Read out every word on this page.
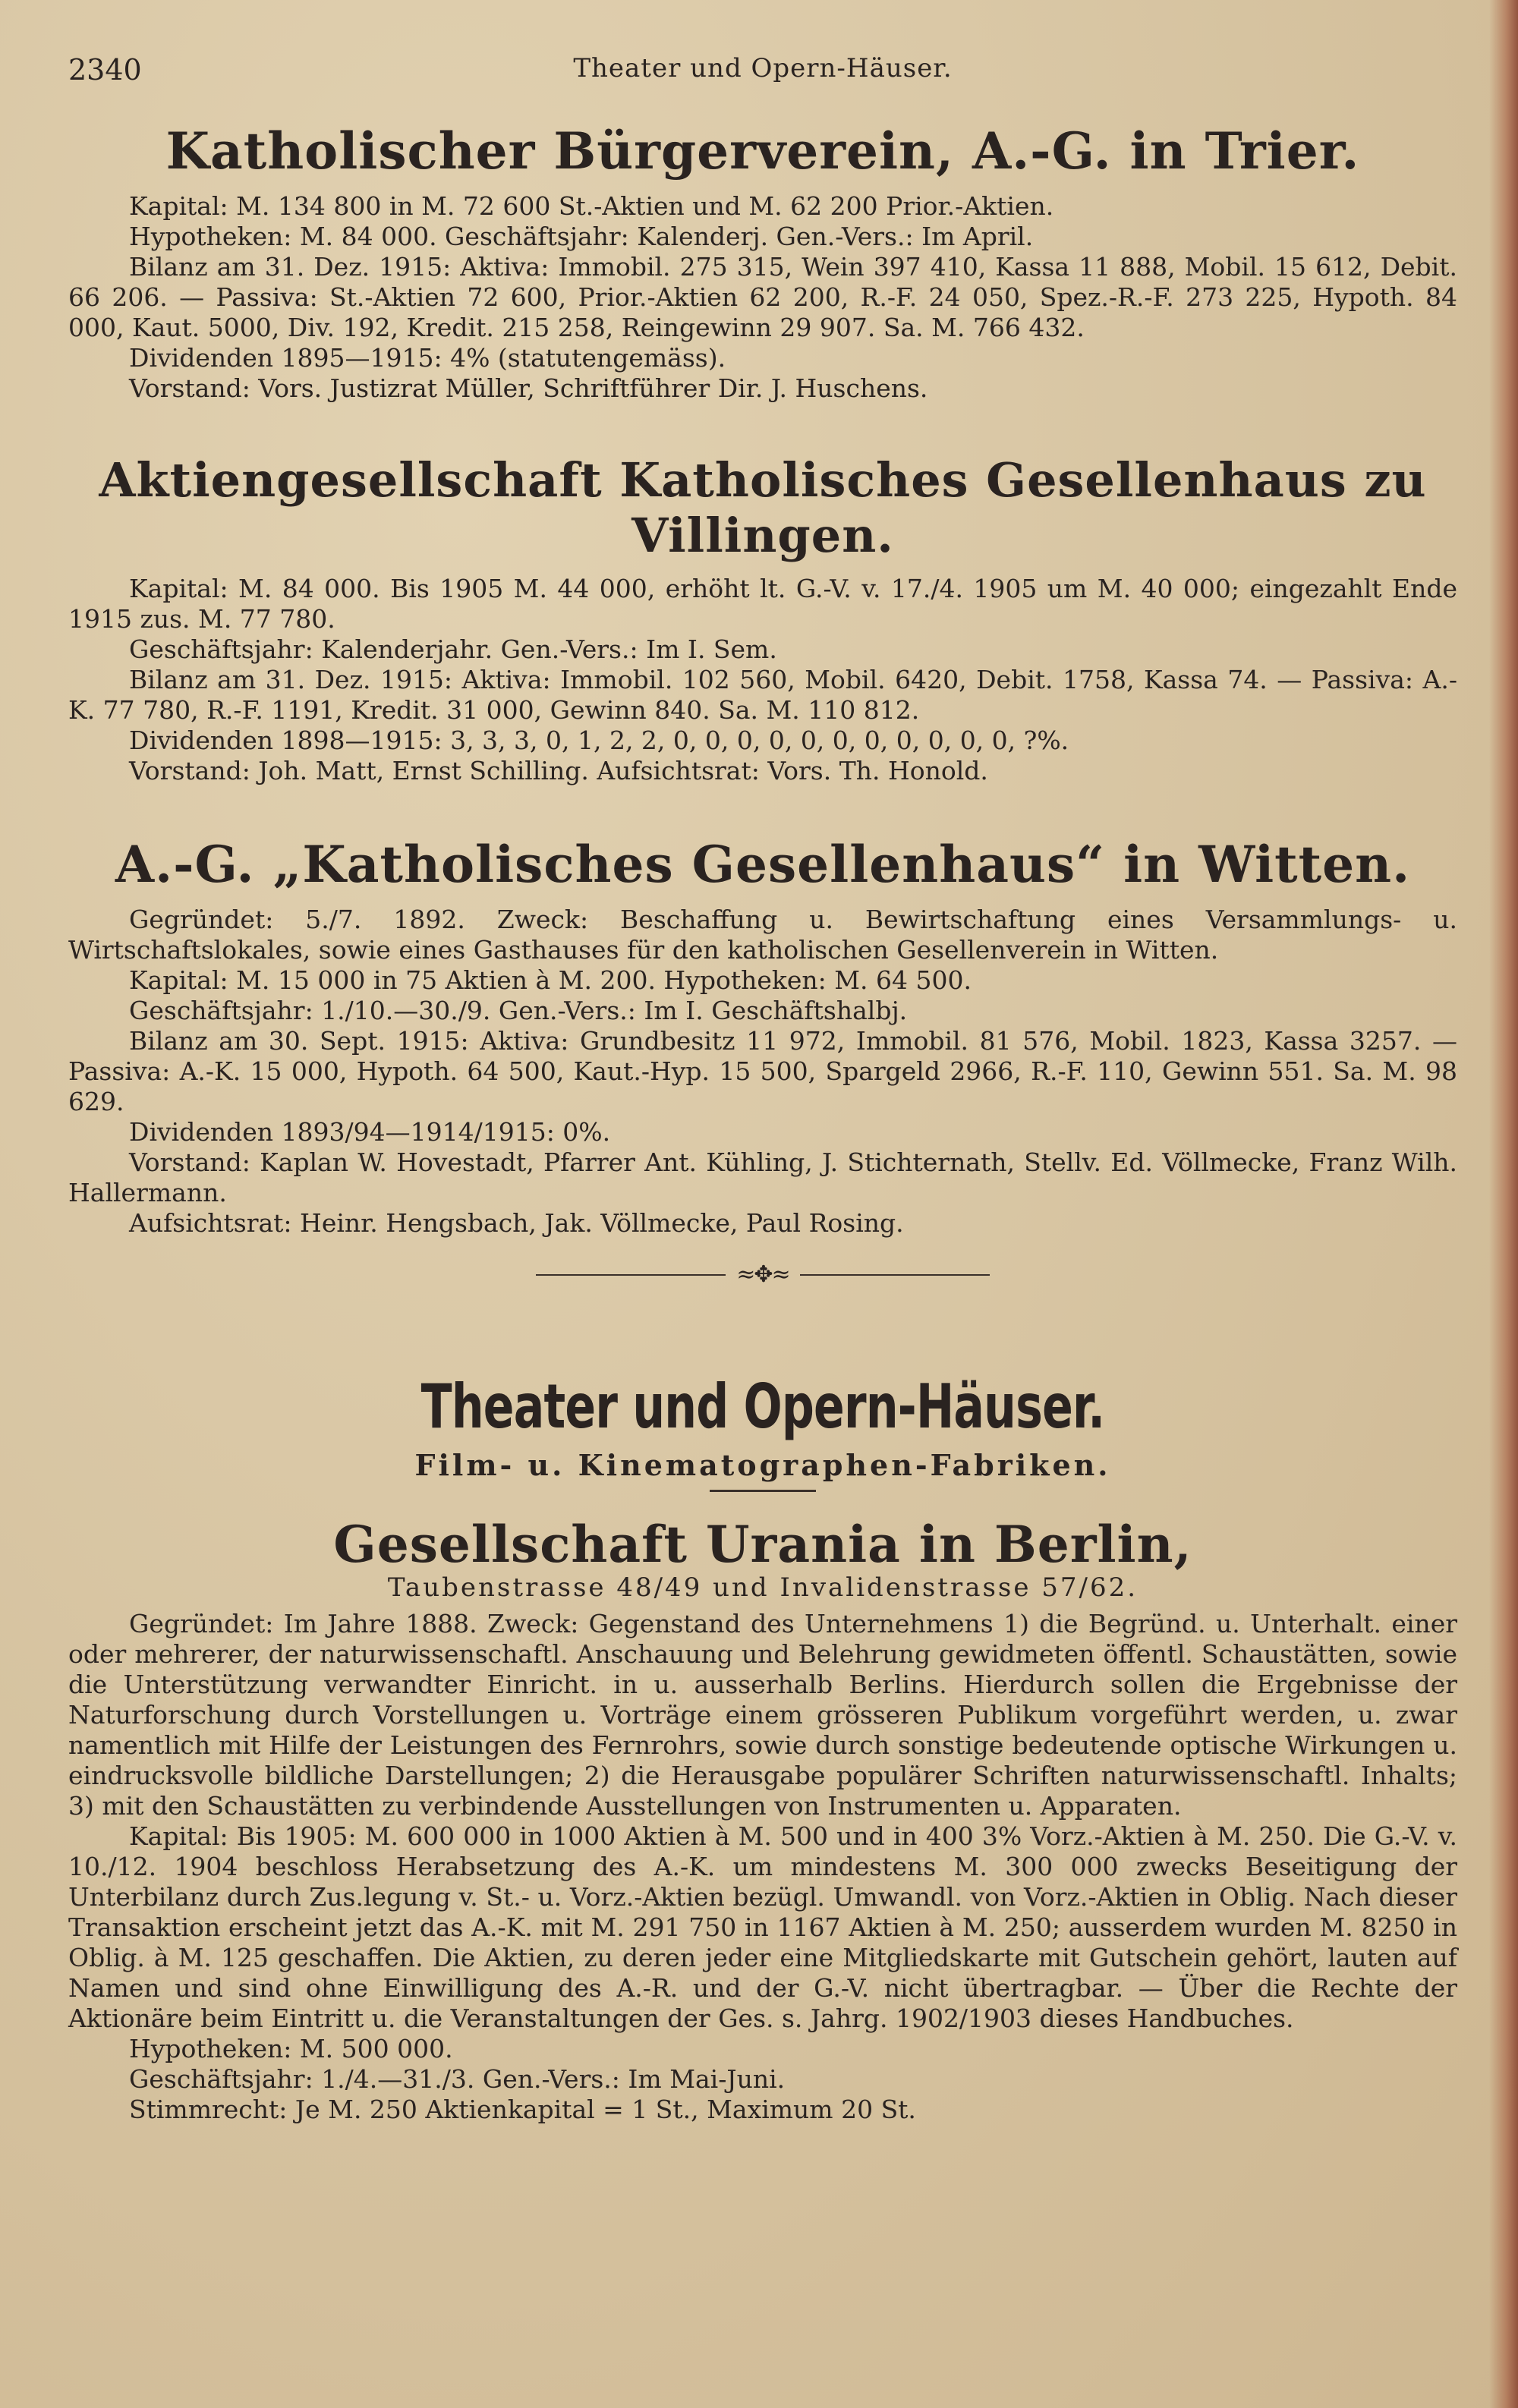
2340	Theater und Opern-Häuser.
Katholischer Bürgerverein, A.-G. in Trier.

Kapital: M. 134 800 in M. 72 600 St.-Aktien und M. 62 200 Prior.-Aktien.

Hypotheken: M. 84 000. Geschäftsjahr: Kalenderj. Gen.-Vers.: Im April.

Bilanz am 31. Dez. 1915: Aktiva: Immobil. 275 315, Wein 397 410, Kassa 11 888, Mobil. 15 612, Debit. 66 206. — Passiva: St.-Aktien 72 600, Prior.-Aktien 62 200, R.-F. 24 050, Spez.-R.-F. 273 225, Hypoth. 84 000, Kaut. 5000, Div. 192, Kredit. 215 258, Reingewinn 29 907. Sa. M. 766 432.

Dividenden 1895—1915: 4% (statutengemäss).

Vorstand: Vors. Justizrat Müller, Schriftführer Dir. J. Huschens.

Aktiengesellschaft Katholisches Gesellenhaus zu Villingen.

Kapital: M. 84 000. Bis 1905 M. 44 000, erhöht lt. G.-V. v. 17./4. 1905 um M. 40 000; eingezahlt Ende 1915 zus. M. 77 780.

Geschäftsjahr: Kalenderjahr. Gen.-Vers.: Im I. Sem.

Bilanz am 31. Dez. 1915: Aktiva: Immobil. 102 560, Mobil. 6420, Debit. 1758, Kassa 74. — Passiva: A.-K. 77 780, R.-F. 1191, Kredit. 31 000, Gewinn 840. Sa. M. 110 812.

Dividenden 1898—1915: 3, 3, 3, 0, 1, 2, 2, 0, 0, 0, 0, 0, 0, 0, 0, 0, 0, 0, ?%.

Vorstand: Joh. Matt, Ernst Schilling. Aufsichtsrat: Vors. Th. Honold.

A.-G. „Katholisches Gesellenhaus“ in Witten.

Gegründet: 5./7. 1892. Zweck: Beschaffung u. Bewirtschaftung eines Versammlungs- u. Wirtschaftslokales, sowie eines Gasthauses für den katholischen Gesellenverein in Witten.

Kapital: M. 15 000 in 75 Aktien à M. 200. Hypotheken: M. 64 500.

Geschäftsjahr: 1./10.—30./9. Gen.-Vers.: Im I. Geschäftshalbj.

Bilanz am 30. Sept. 1915: Aktiva: Grundbesitz 11 972, Immobil. 81 576, Mobil. 1823, Kassa 3257. — Passiva: A.-K. 15 000, Hypoth. 64 500, Kaut.-Hyp. 15 500, Spargeld 2966, R.-F. 110, Gewinn 551. Sa. M. 98 629.

Dividenden 1893/94—1914/1915: 0%.

Vorstand: Kaplan W. Hovestadt, Pfarrer Ant. Kühling, J. Stichternath, Stellv. Ed. Völlmecke, Franz Wilh. Hallermann.

Aufsichtsrat: Heinr. Hengsbach, Jak. Völlmecke, Paul Rosing.

≈✥≈
Theater und Opern-Häuser.
Film- u. Kinematographen-Fabriken.
Gesellschaft Urania in Berlin,
Taubenstrasse 48/49 und Invalidenstrasse 57/62.

Gegründet: Im Jahre 1888. Zweck: Gegenstand des Unternehmens 1) die Begründ. u. Unterhalt. einer oder mehrerer, der naturwissenschaftl. Anschauung und Belehrung gewidmeten öffentl. Schaustätten, sowie die Unterstützung verwandter Einricht. in u. ausserhalb Berlins. Hierdurch sollen die Ergebnisse der Naturforschung durch Vorstellungen u. Vorträge einem grösseren Publikum vorgeführt werden, u. zwar namentlich mit Hilfe der Leistungen des Fernrohrs, sowie durch sonstige bedeutende optische Wirkungen u. eindrucksvolle bildliche Darstellungen; 2) die Herausgabe populärer Schriften naturwissenschaftl. Inhalts; 3) mit den Schaustätten zu verbindende Ausstellungen von Instrumenten u. Apparaten.

Kapital: Bis 1905: M. 600 000 in 1000 Aktien à M. 500 und in 400 3% Vorz.-Aktien à M. 250. Die G.-V. v. 10./12. 1904 beschloss Herabsetzung des A.-K. um mindestens M. 300 000 zwecks Beseitigung der Unterbilanz durch Zus.legung v. St.- u. Vorz.-Aktien bezügl. Umwandl. von Vorz.-Aktien in Oblig. Nach dieser Transaktion erscheint jetzt das A.-K. mit M. 291 750 in 1167 Aktien à M. 250; ausserdem wurden M. 8250 in Oblig. à M. 125 geschaffen. Die Aktien, zu deren jeder eine Mitgliedskarte mit Gutschein gehört, lauten auf Namen und sind ohne Einwilligung des A.-R. und der G.-V. nicht übertragbar. — Über die Rechte der Aktionäre beim Eintritt u. die Veranstaltungen der Ges. s. Jahrg. 1902/1903 dieses Handbuches.

Hypotheken: M. 500 000.

Geschäftsjahr: 1./4.—31./3. Gen.-Vers.: Im Mai-Juni.

Stimmrecht: Je M. 250 Aktienkapital = 1 St., Maximum 20 St.
